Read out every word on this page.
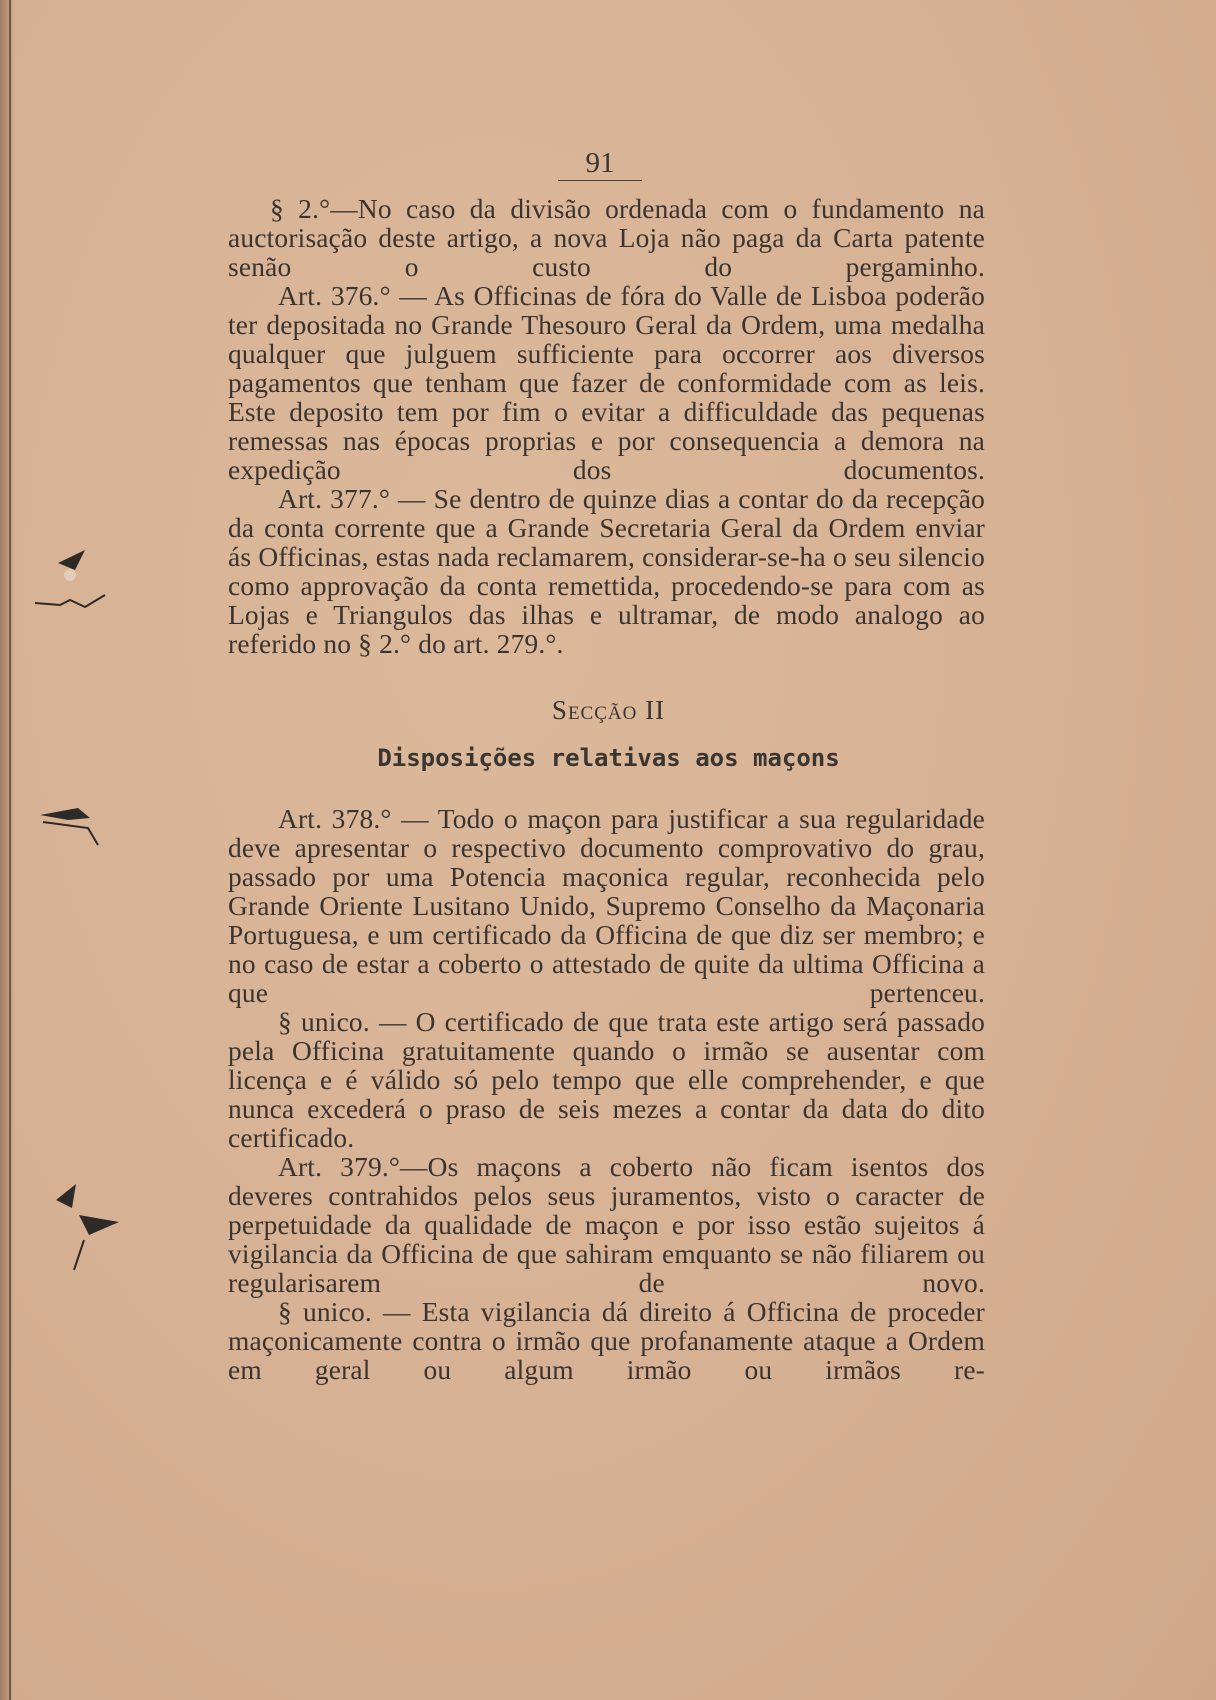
91

§ 2.°—No caso da divisão ordenada com o fundamento na auctorisação deste artigo, a nova Loja não paga da Carta patente senão o custo do pergaminho.

Art. 376.° — As Officinas de fóra do Valle de Lisboa poderão ter depositada no Grande Thesouro Geral da Ordem, uma medalha qualquer que julguem sufficiente para occorrer aos diversos pagamentos que tenham que fazer de conformidade com as leis. Este deposito tem por fim o evitar a difficuldade das pequenas remessas nas épocas proprias e por consequencia a demora na expedição dos documentos.

Art. 377.° — Se dentro de quinze dias a contar do da recepção da conta corrente que a Grande Secretaria Geral da Ordem enviar ás Officinas, estas nada reclamarem, considerar-se-ha o seu silencio como approvação da conta remettida, procedendo-se para com as Lojas e Triangulos das ilhas e ultramar, de modo analogo ao referido no § 2.° do art. 279.°.

Secção II
Disposições relativas aos maçons

Art. 378.° — Todo o maçon para justificar a sua regularidade deve apresentar o respectivo documento comprovativo do grau, passado por uma Potencia maçonica regular, reconhecida pelo Grande Oriente Lusitano Unido, Supremo Conselho da Maçonaria Portuguesa, e um certificado da Officina de que diz ser membro; e no caso de estar a coberto o attestado de quite da ultima Officina a que pertenceu.

§ unico. — O certificado de que trata este artigo será passado pela Officina gratuitamente quando o irmão se ausentar com licença e é válido só pelo tempo que elle comprehender, e que nunca excederá o praso de seis mezes a contar da data do dito certificado.

Art. 379.°—Os maçons a coberto não ficam isentos dos deveres contrahidos pelos seus juramentos, visto o caracter de perpetuidade da qualidade de maçon e por isso estão sujeitos á vigilancia da Officina de que sahiram emquanto se não filiarem ou regularisarem de novo.

§ unico. — Esta vigilancia dá direito á Officina de proceder maçonicamente contra o irmão que profanamente ataque a Ordem em geral ou algum irmão ou irmãos re-
